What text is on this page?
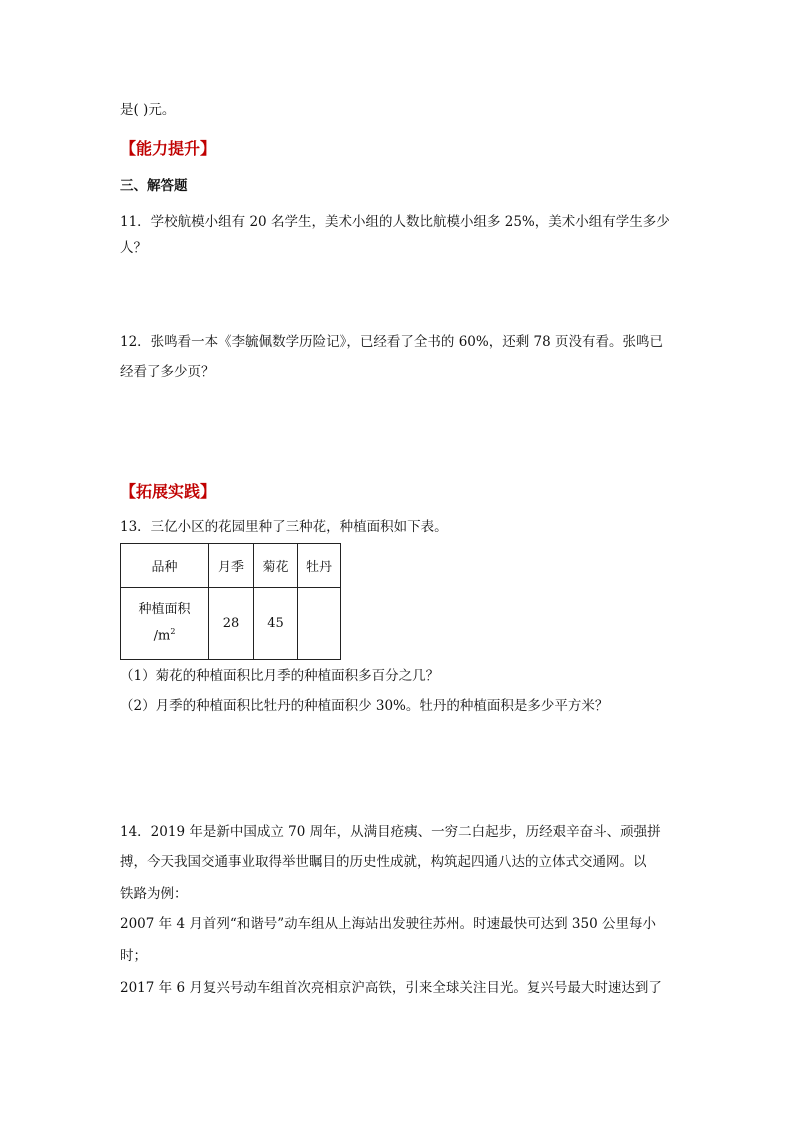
是( )元。
【能力提升】
三、解答题
11．学校航模小组有 20 名学生，美术小组的人数比航模小组多 25%，美术小组有学生多少
人？
12．张鸣看一本《李毓佩数学历险记》，已经看了全书的 60%，还剩 78 页没有看。张鸣已
经看了多少页？
【拓展实践】
13．三亿小区的花园里种了三种花，种植面积如下表。
品种	月季	菊花	牡丹

种植面积
$/m^2$	28	45	
（1）菊花的种植面积比月季的种植面积多百分之几？
（2）月季的种植面积比牡丹的种植面积少 30%。牡丹的种植面积是多少平方米？
14．2019 年是新中国成立 70 周年，从满目疮痍、一穷二白起步，历经艰辛奋斗、顽强拼
搏，今天我国交通事业取得举世瞩目的历史性成就，构筑起四通八达的立体式交通网。以
铁路为例：
2007 年 4 月首列“和谐号”动车组从上海站出发驶往苏州。时速最快可达到 350 公里每小
时；
2017 年 6 月复兴号动车组首次亮相京沪高铁，引来全球关注目光。复兴号最大时速达到了
